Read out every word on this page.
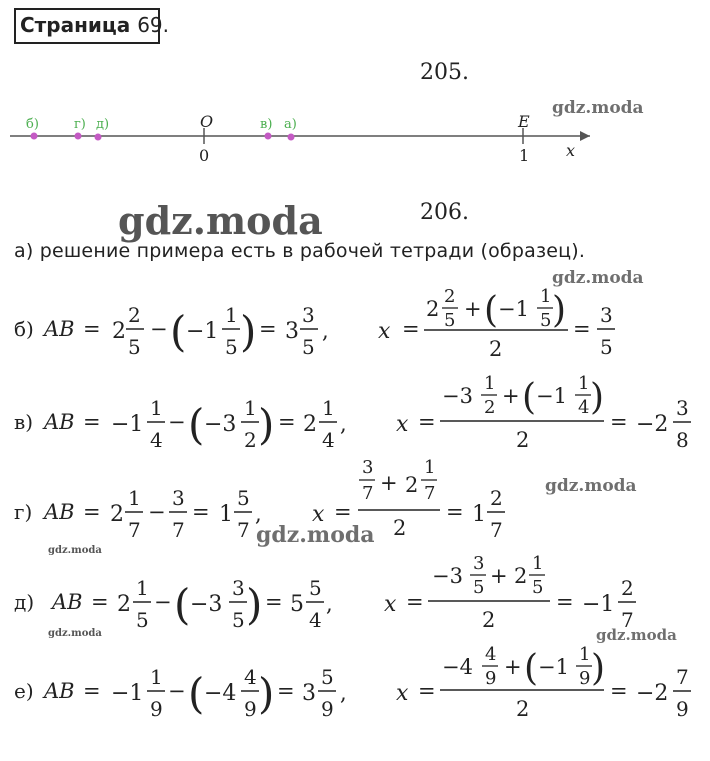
Страница 69.
205.
б)	г) д)	в) а)
O
0
E
1 x
gdz.moda
gdz.moda
gdz.moda
gdz.moda
gdz.moda
gdz.moda
gdz.moda	gdz.moda
206.
а) решение примера есть в рабочей тетради (образец).
б) AB = 2
2
5
− ( −1
1
5 ) = 3
3
5
, x =
2
2
5 + ( −1
1
5 )
2
=
3
5
в) AB = −1
1
4
− ( −3
1
2 ) = 2
1
4
, x =
−3
1
2 + ( −1
1
4 )
2
= −2
3
8
г) AB = 2
1
7
−
3
7
= 1
5
7
, x =
3
7 + 2
1
7
2
= 1
2
7
д) AB = 2
1
5
− ( −3
3
5 ) = 5
5
4
, x =
−3
3
5 + 2
1
5
2
= −1
2
7
е) AB = −1
1
9
− ( −4
4
9 ) = 3
5
9
, x =
−4
4
9 + ( −1
1
9 )
2
= −2
7
9
